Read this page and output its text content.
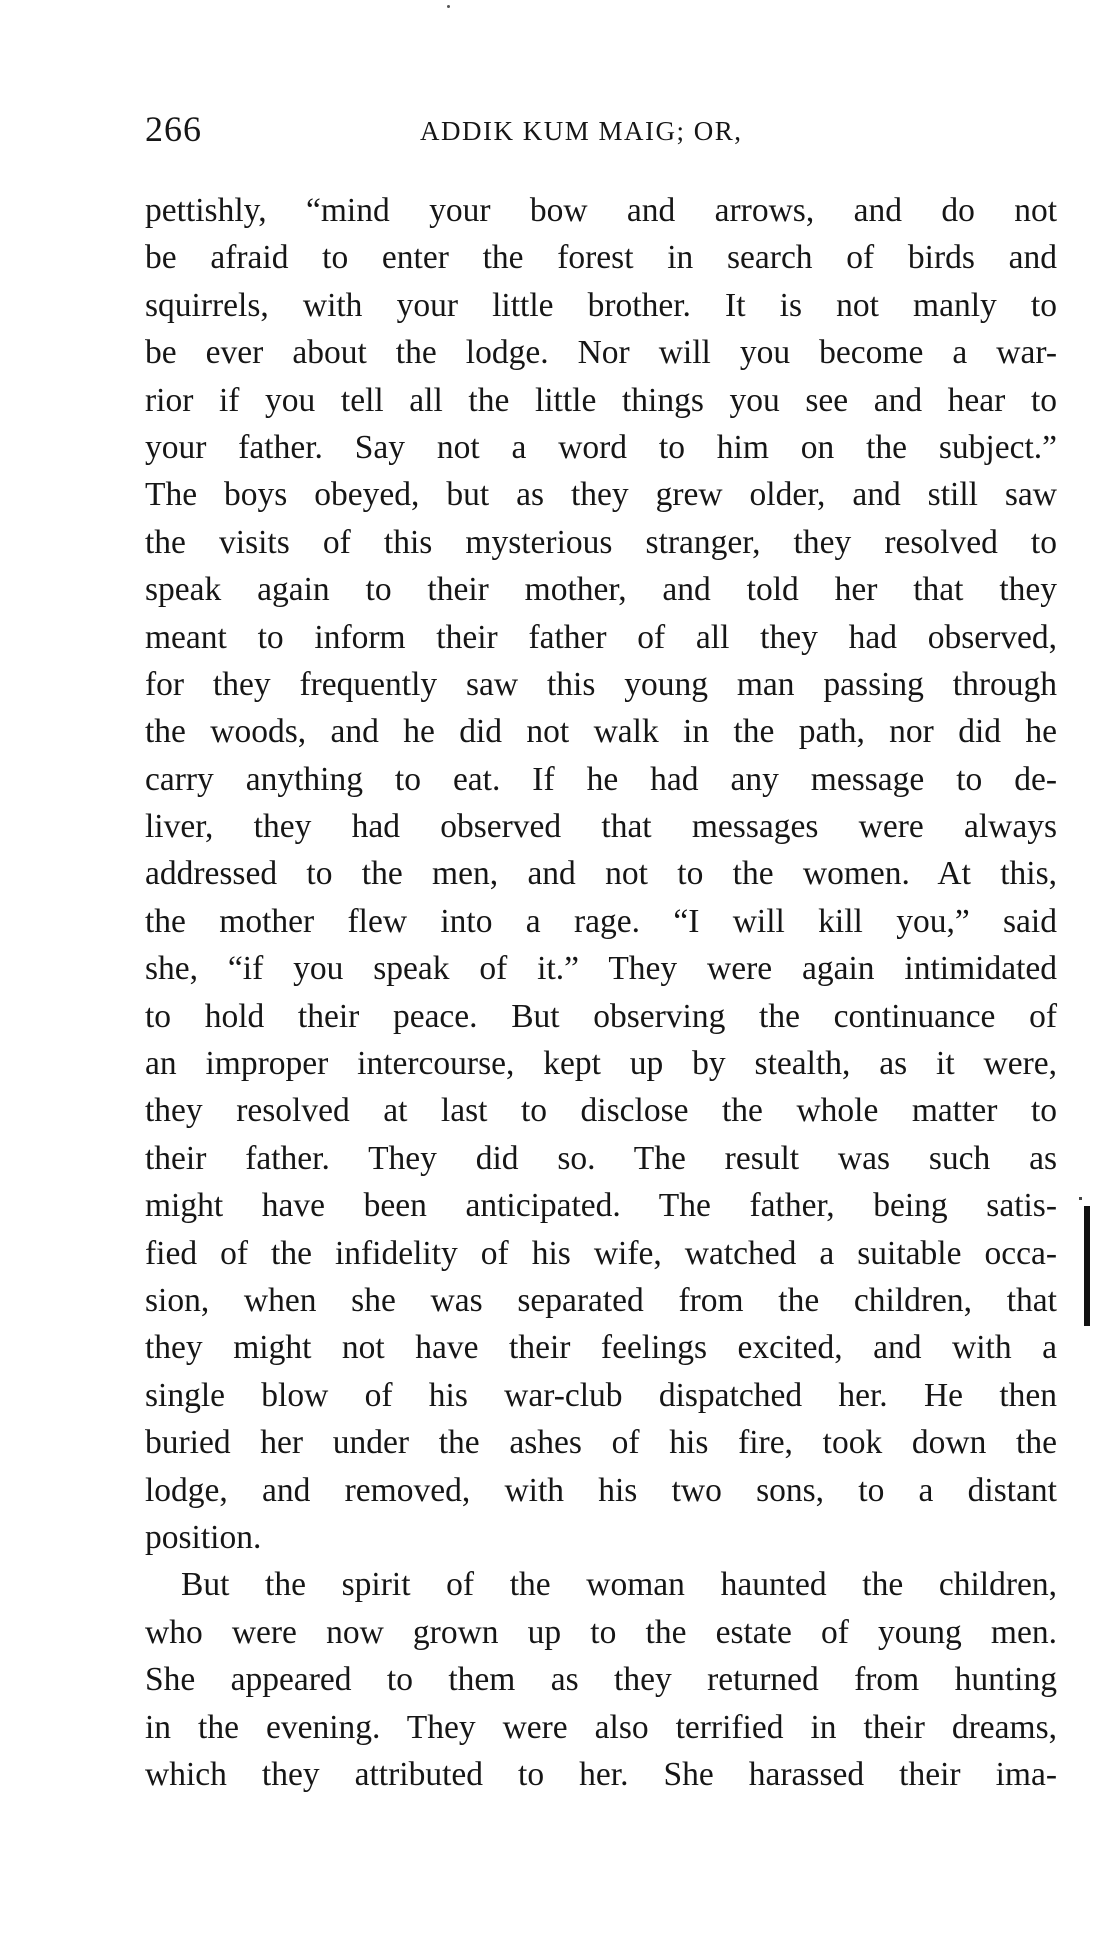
266	ADDIK KUM MAIG; OR,
pettishly, “mind your bow and arrows, and do not
be afraid to enter the forest in search of birds and
squirrels, with your little brother. It is not manly to
be ever about the lodge. Nor will you become a war-
rior if you tell all the little things you see and hear to
your father. Say not a word to him on the subject.”
The boys obeyed, but as they grew older, and still saw
the visits of this mysterious stranger, they resolved to
speak again to their mother, and told her that they
meant to inform their father of all they had observed,
for they frequently saw this young man passing through
the woods, and he did not walk in the path, nor did he
carry anything to eat. If he had any message to de-
liver, they had observed that messages were always
addressed to the men, and not to the women. At this,
the mother flew into a rage. “I will kill you,” said
she, “if you speak of it.” They were again intimidated
to hold their peace. But observing the continuance of
an improper intercourse, kept up by stealth, as it were,
they resolved at last to disclose the whole matter to
their father. They did so. The result was such as
might have been anticipated. The father, being satis-
fied of the infidelity of his wife, watched a suitable occa-
sion, when she was separated from the children, that
they might not have their feelings excited, and with a
single blow of his war-club dispatched her. He then
buried her under the ashes of his fire, took down the
lodge, and removed, with his two sons, to a distant
position.
But the spirit of the woman haunted the children,
who were now grown up to the estate of young men.
She appeared to them as they returned from hunting
in the evening. They were also terrified in their dreams,
which they attributed to her. She harassed their ima-
